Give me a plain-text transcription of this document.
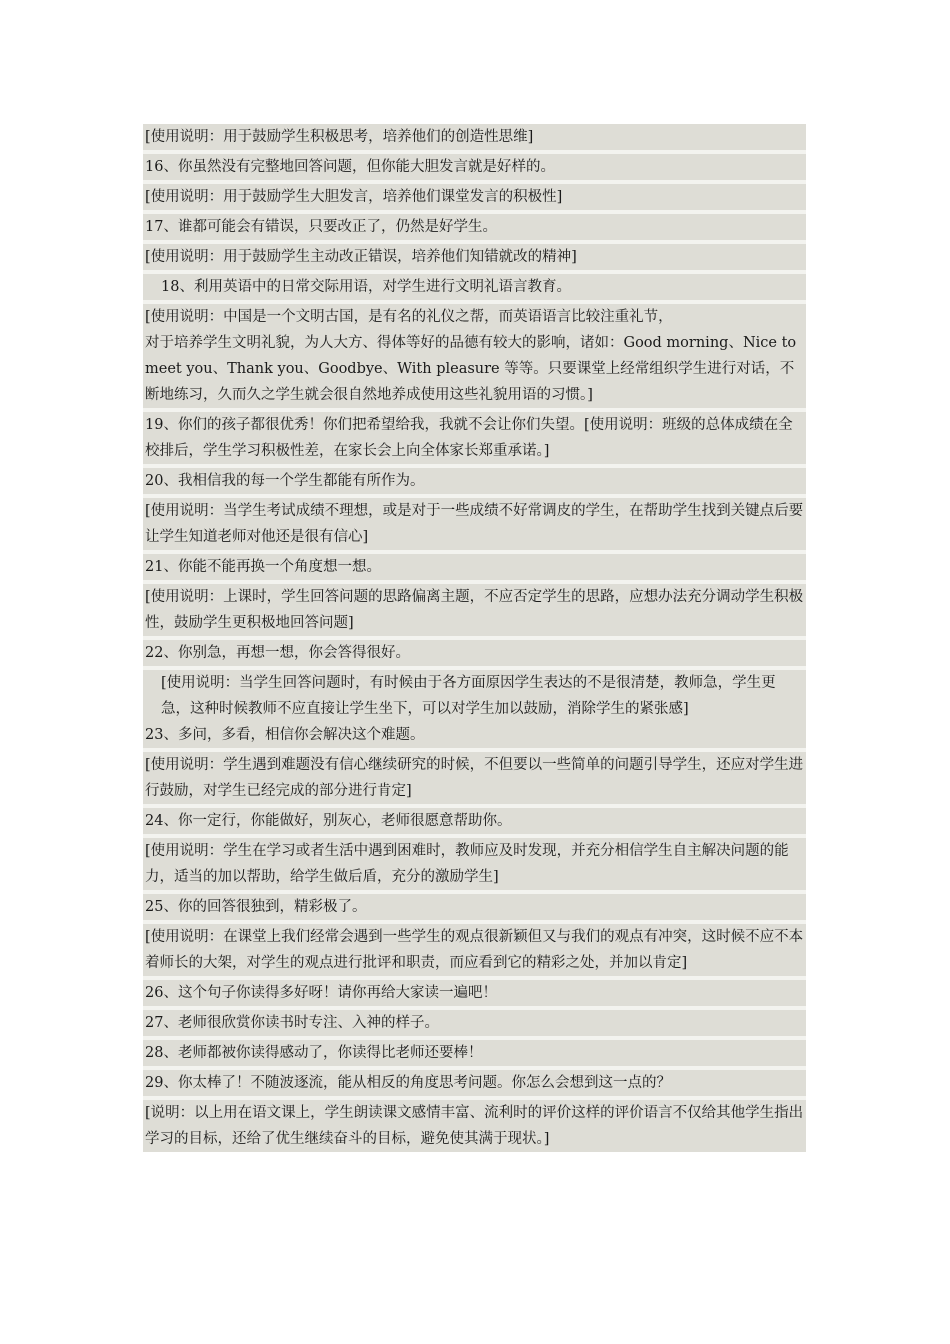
[使用说明：用于鼓励学生积极思考，培养他们的创造性思维]

16、你虽然没有完整地回答问题，但你能大胆发言就是好样的。

[使用说明：用于鼓励学生大胆发言，培养他们课堂发言的积极性]

17、谁都可能会有错误，只要改正了，仍然是好学生。

[使用说明：用于鼓励学生主动改正错误，培养他们知错就改的精神]

18、利用英语中的日常交际用语，对学生进行文明礼语言教育。

[使用说明：中国是一个文明古国，是有名的礼仪之帮，而英语语言比较注重礼节，

对于培养学生文明礼貌，为人大方、得体等好的品德有较大的影响，诸如：Good morning、Nice to meet you、Thank you、Goodbye、With pleasure 等等。只要课堂上经常组织学生进行对话，不断地练习，久而久之学生就会很自然地养成使用这些礼貌用语的习惯。]

19、你们的孩子都很优秀！你们把希望给我，我就不会让你们失望。[使用说明：班级的总体成绩在全校排后，学生学习积极性差，在家长会上向全体家长郑重承诺。]

20、我相信我的每一个学生都能有所作为。

[使用说明：当学生考试成绩不理想，或是对于一些成绩不好常调皮的学生，在帮助学生找到关键点后要让学生知道老师对他还是很有信心]

21、你能不能再换一个角度想一想。

[使用说明：上课时，学生回答问题的思路偏离主题，不应否定学生的思路，应想办法充分调动学生积极性，鼓励学生更积极地回答问题]

22、你别急，再想一想，你会答得很好。

[使用说明：当学生回答问题时，有时候由于各方面原因学生表达的不是很清楚，教师急，学生更急，这种时候教师不应直接让学生坐下，可以对学生加以鼓励，消除学生的紧张感]

23、多问，多看，相信你会解决这个难题。

[使用说明：学生遇到难题没有信心继续研究的时候，不但要以一些简单的问题引导学生，还应对学生进行鼓励，对学生已经完成的部分进行肯定]

24、你一定行，你能做好，别灰心，老师很愿意帮助你。

[使用说明：学生在学习或者生活中遇到困难时，教师应及时发现，并充分相信学生自主解决问题的能力，适当的加以帮助，给学生做后盾，充分的激励学生]

25、你的回答很独到，精彩极了。

[使用说明：在课堂上我们经常会遇到一些学生的观点很新颖但又与我们的观点有冲突，这时候不应不本着师长的大架，对学生的观点进行批评和职责，而应看到它的精彩之处，并加以肯定]

26、这个句子你读得多好呀！请你再给大家读一遍吧！

27、老师很欣赏你读书时专注、入神的样子。

28、老师都被你读得感动了，你读得比老师还要棒！

29、你太棒了！不随波逐流，能从相反的角度思考问题。你怎么会想到这一点的？

[说明：以上用在语文课上，学生朗读课文感情丰富、流利时的评价这样的评价语言不仅给其他学生指出学习的目标，还给了优生继续奋斗的目标，避免使其满于现状。]
